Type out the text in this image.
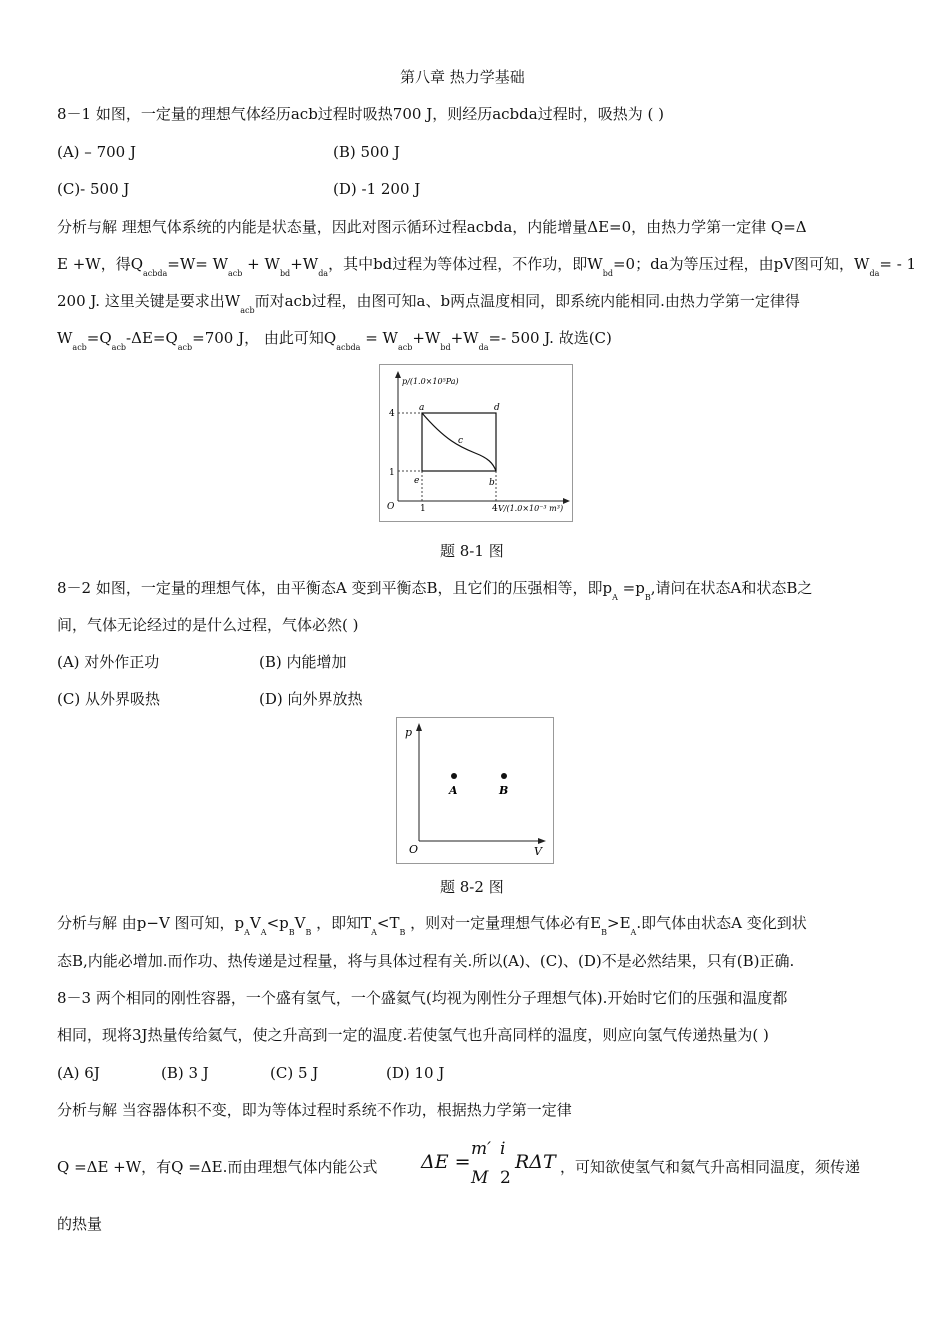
第八章 热力学基础
8－1 如图，一定量的理想气体经历acb过程时吸热700 J，则经历acbda过程时，吸热为 ( )
(A) – 700 J	(B) 500 J
(C)- 500 J	(D) -1 200 J
分析与解 理想气体系统的内能是状态量，因此对图示循环过程acbda，内能增量ΔE=0，由热力学第一定律 Q=Δ
E +W，得$Q_{acbda}=W= W_{acb} + W_{bd}+W_{da}$，其中bd过程为等体过程，不作功，即$W_{bd}=0$；da为等压过程，由pV图可知，$W_{da}= - 1$
200 J. 这里关键是要求出$W_{acb}$而对acb过程，由图可知a、b两点温度相同，即系统内能相同.由热力学第一定律得
$W_{acb}=Q_{acb}-\Delta E=Q_{acb}=700$ J， 由此可知$Q_{acbda} = W_{acb}+W_{bd}+W_{da}=-$ 500 J. 故选(C)
p/(1.0×10⁵Pa)
V/(1.0×10⁻³ m³)
O
4
1
1	4
a	d
c
b
e
题 8-1 图
8－2 如图，一定量的理想气体，由平衡态A 变到平衡态B，且它们的压强相等，即$p_A =p_B$,请问在状态A和状态B之
间，气体无论经过的是什么过程，气体必然( )
(A) 对外作正功	(B) 内能增加
(C) 从外界吸热	(D) 向外界放热
p
V
O
A	B
题 8-2 图
分析与解 由p−V 图可知，$p_AV_A<p_BV_B$ ，即知$T_A<T_B$ ，则对一定量理想气体必有$E_B>E_A$.即气体由状态A 变化到状
态B,内能必增加.而作功、热传递是过程量，将与具体过程有关.所以(A)、(C)、(D)不是必然结果，只有(B)正确.
8－3 两个相同的刚性容器，一个盛有氢气，一个盛氦气(均视为刚性分子理想气体).开始时它们的压强和温度都
相同，现将3J热量传给氦气，使之升高到一定的温度.若使氢气也升高同样的温度，则应向氢气传递热量为( )
(A) 6J	(B) 3 J	(C) 5 J	(D) 10 J
分析与解 当容器体积不变，即为等体过程时系统不作功，根据热力学第一定律
Q =ΔE +W，有Q =ΔE.而由理想气体内能公式 ΔE =
m′ i
M 2
RΔT ，可知欲使氢气和氦气升高相同温度，须传递
的热量
